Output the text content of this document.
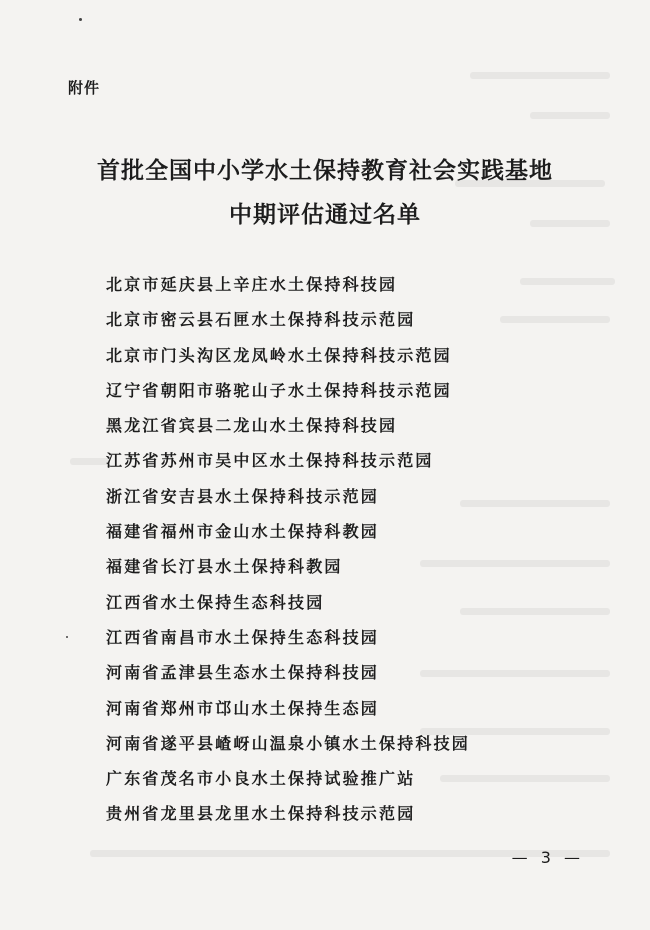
附件
首批全国中小学水土保持教育社会实践基地
中期评估通过名单
北京市延庆县上辛庄水土保持科技园
北京市密云县石匣水土保持科技示范园
北京市门头沟区龙凤岭水土保持科技示范园
辽宁省朝阳市骆驼山子水土保持科技示范园
黑龙江省宾县二龙山水土保持科技园
江苏省苏州市吴中区水土保持科技示范园
浙江省安吉县水土保持科技示范园
福建省福州市金山水土保持科教园
福建省长汀县水土保持科教园
江西省水土保持生态科技园
江西省南昌市水土保持生态科技园
河南省孟津县生态水土保持科技园
河南省郑州市邙山水土保持生态园
河南省遂平县嵖岈山温泉小镇水土保持科技园
广东省茂名市小良水土保持试验推广站
贵州省龙里县龙里水土保持科技示范园
— 3 —
